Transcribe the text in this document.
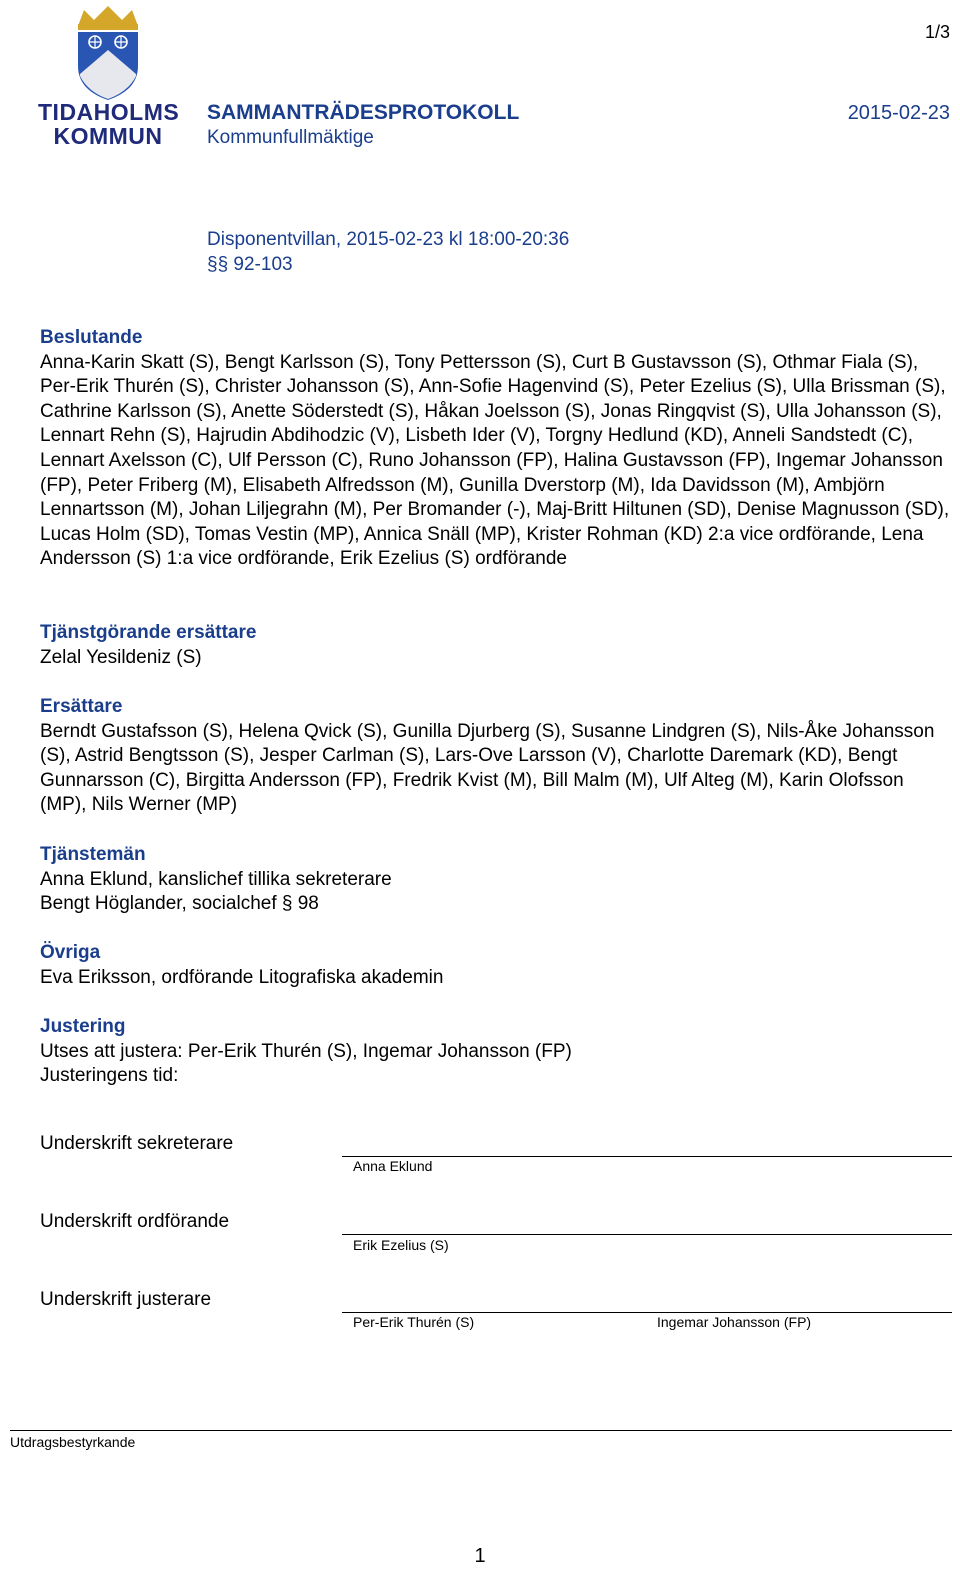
TIDAHOLMS
KOMMUN
1/3
SAMMANTRÄDESPROTOKOLL	2015-02-23
Kommunfullmäktige
Disponentvillan, 2015-02-23 kl 18:00-20:36
§§ 92-103
Beslutande

Anna-Karin Skatt (S), Bengt Karlsson (S), Tony Pettersson (S), Curt B Gustavsson (S), Othmar Fiala (S), Per-Erik Thurén (S), Christer Johansson (S), Ann-Sofie Hagenvind (S), Peter Ezelius (S), Ulla Brissman (S), Cathrine Karlsson (S), Anette Söderstedt (S), Håkan Joelsson (S), Jonas Ringqvist (S), Ulla Johansson (S), Lennart Rehn (S), Hajrudin Abdihodzic (V), Lisbeth Ider (V), Torgny Hedlund (KD), Anneli Sandstedt (C), Lennart Axelsson (C), Ulf Persson (C), Runo Johansson (FP), Halina Gustavsson (FP), Ingemar Johansson (FP), Peter Friberg (M), Elisabeth Alfredsson (M), Gunilla Dverstorp (M), Ida Davidsson (M), Ambjörn Lennartsson (M), Johan Liljegrahn (M), Per Bromander (-), Maj-Britt Hiltunen (SD), Denise Magnusson (SD), Lucas Holm (SD), Tomas Vestin (MP), Annica Snäll (MP), Krister Rohman (KD) 2:a vice ordförande, Lena Andersson (S) 1:a vice ordförande, Erik Ezelius (S) ordförande

Tjänstgörande ersättare

Zelal Yesildeniz (S)

Ersättare

Berndt Gustafsson (S), Helena Qvick (S), Gunilla Djurberg (S), Susanne Lindgren (S), Nils-Åke Johansson (S), Astrid Bengtsson (S), Jesper Carlman (S), Lars-Ove Larsson (V), Charlotte Daremark (KD), Bengt Gunnarsson (C), Birgitta Andersson (FP), Fredrik Kvist (M), Bill Malm (M), Ulf Alteg (M), Karin Olofsson (MP), Nils Werner (MP)

Tjänstemän

Anna Eklund, kanslichef tillika sekreterare

Bengt Höglander, socialchef § 98

Övriga

Eva Eriksson, ordförande Litografiska akademin

Justering

Utses att justera: Per-Erik Thurén (S), Ingemar Johansson (FP)

Justeringens tid:

Underskrift sekreterare
Anna Eklund
Underskrift ordförande
Erik Ezelius (S)
Underskrift justerare
Per-Erik Thurén (S)	Ingemar Johansson (FP)
Utdragsbestyrkande
1
